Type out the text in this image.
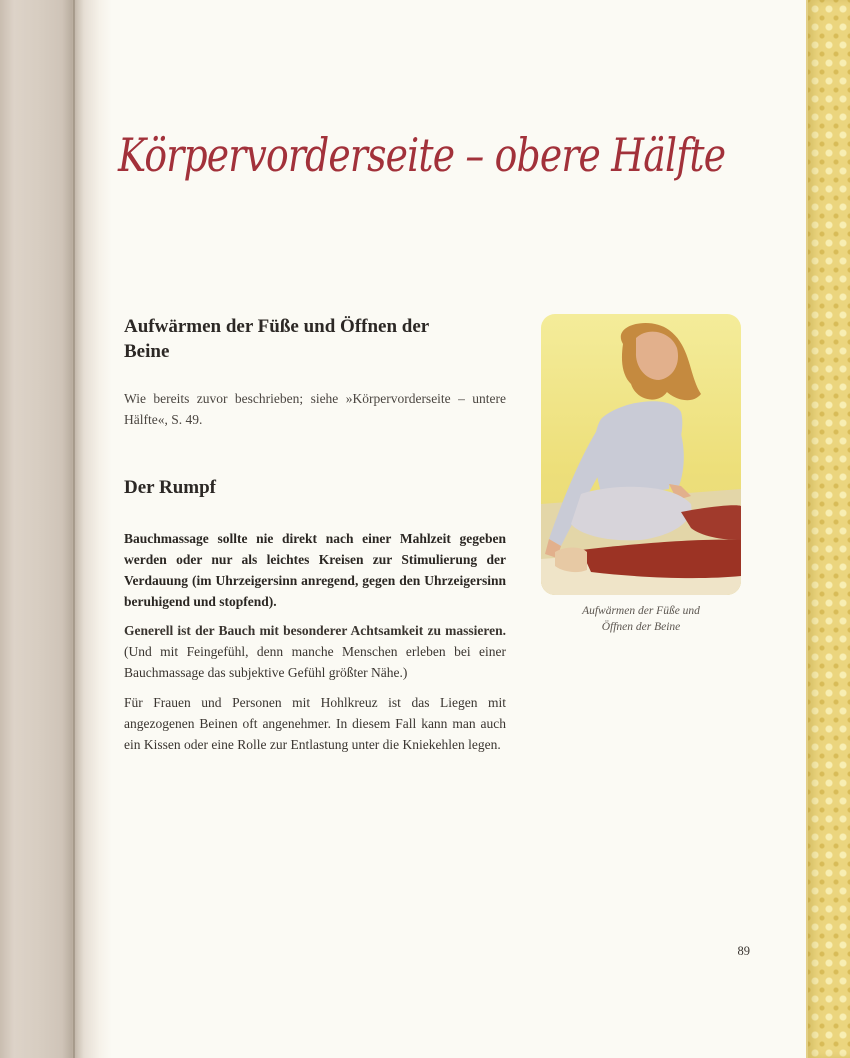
Körpervorderseite – obere Hälfte
Aufwärmen der Füße und Öffnen der Beine

Wie bereits zuvor beschrieben; siehe »Körpervorderseite – untere Hälfte«, S. 49.

Der Rumpf

Bauchmassage sollte nie direkt nach einer Mahlzeit gegeben werden oder nur als leichtes Kreisen zur Stimulierung der Verdauung (im Uhrzeigersinn anregend, gegen den Uhrzeigersinn beruhigend und stopfend).

Generell ist der Bauch mit besonderer Achtsamkeit zu massieren. (Und mit Feingefühl, denn manche Menschen erleben bei einer Bauchmassage das subjektive Gefühl größter Nähe.)

Für Frauen und Personen mit Hohlkreuz ist das Liegen mit angezogenen Beinen oft angenehmer. In diesem Fall kann man auch ein Kissen oder eine Rolle zur Entlastung unter die Kniekehlen legen.

Aufwärmen der Füße und
Öffnen der Beine

89
